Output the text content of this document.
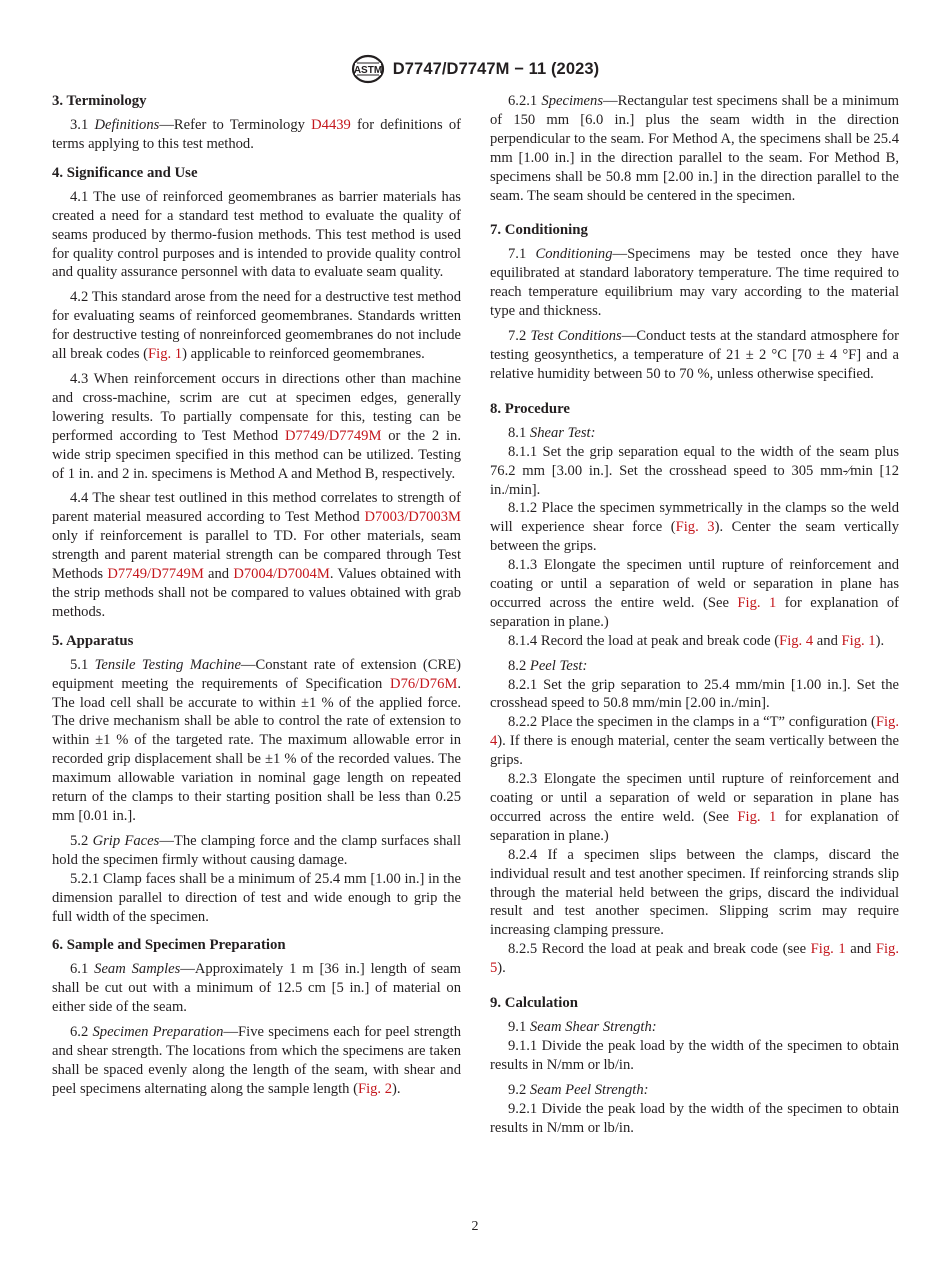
ASTM D7747/D7747M − 11 (2023)
3. Terminology

3.1 Definitions—Refer to Terminology D4439 for definitions of terms applying to this test method.

4. Significance and Use

4.1 The use of reinforced geomembranes as barrier materials has created a need for a standard test method to evaluate the quality of seams produced by thermo-fusion methods. This test method is used for quality control purposes and is intended to provide quality control and quality assurance personnel with data to evaluate seam quality.

4.2 This standard arose from the need for a destructive test method for evaluating seams of reinforced geomembranes. Standards written for destructive testing of nonreinforced geomembranes do not include all break codes (Fig. 1) applicable to reinforced geomembranes.

4.3 When reinforcement occurs in directions other than machine and cross-machine, scrim are cut at specimen edges, generally lowering results. To partially compensate for this, testing can be performed according to Test Method D7749/D7749M or the 2 in. wide strip specimen specified in this method can be utilized. Testing of 1 in. and 2 in. specimens is Method A and Method B, respectively.

4.4 The shear test outlined in this method correlates to strength of parent material measured according to Test Method D7003/D7003M only if reinforcement is parallel to TD. For other materials, seam strength and parent material strength can be compared through Test Methods D7749/D7749M and D7004/D7004M. Values obtained with the strip methods shall not be compared to values obtained with grab methods.

5. Apparatus

5.1 Tensile Testing Machine—Constant rate of extension (CRE) equipment meeting the requirements of Specification D76/D76M. The load cell shall be accurate to within ±1 % of the applied force. The drive mechanism shall be able to control the rate of extension to within ±1 % of the targeted rate. The maximum allowable error in recorded grip displacement shall be ±1 % of the recorded values. The maximum allowable variation in nominal gage length on repeated return of the clamps to their starting position shall be less than 0.25 mm [0.01 in.].

5.2 Grip Faces—The clamping force and the clamp surfaces shall hold the specimen firmly without causing damage.

5.2.1 Clamp faces shall be a minimum of 25.4 mm [1.00 in.] in the dimension parallel to direction of test and wide enough to grip the full width of the specimen.

6. Sample and Specimen Preparation

6.1 Seam Samples—Approximately 1 m [36 in.] length of seam shall be cut out with a minimum of 12.5 cm [5 in.] of material on either side of the seam.

6.2 Specimen Preparation—Five specimens each for peel strength and shear strength. The locations from which the specimens are taken shall be spaced evenly along the length of the seam, with shear and peel specimens alternating along the sample length (Fig. 2).

6.2.1 Specimens—Rectangular test specimens shall be a minimum of 150 mm [6.0 in.] plus the seam width in the direction perpendicular to the seam. For Method A, the specimens shall be 25.4 mm [1.00 in.] in the direction parallel to the seam. For Method B, specimens shall be 50.8 mm [2.00 in.] in the direction parallel to the seam. The seam should be centered in the specimen.

7. Conditioning

7.1 Conditioning—Specimens may be tested once they have equilibrated at standard laboratory temperature. The time required to reach temperature equilibrium may vary according to the material type and thickness.

7.2 Test Conditions—Conduct tests at the standard atmosphere for testing geosynthetics, a temperature of 21 ± 2 °C [70 ± 4 °F] and a relative humidity between 50 to 70 %, unless otherwise specified.

8. Procedure

8.1 Shear Test:

8.1.1 Set the grip separation equal to the width of the seam plus 76.2 mm [3.00 in.]. Set the crosshead speed to 305 mm-⁄min [12 in./min].

8.1.2 Place the specimen symmetrically in the clamps so the weld will experience shear force (Fig. 3). Center the seam vertically between the grips.

8.1.3 Elongate the specimen until rupture of reinforcement and coating or until a separation of weld or separation in plane has occurred across the entire weld. (See Fig. 1 for explanation of separation in plane.)

8.1.4 Record the load at peak and break code (Fig. 4 and Fig. 1).

8.2 Peel Test:

8.2.1 Set the grip separation to 25.4 mm/min [1.00 in.]. Set the crosshead speed to 50.8 mm/min [2.00 in./min].

8.2.2 Place the specimen in the clamps in a “T” configuration (Fig. 4). If there is enough material, center the seam vertically between the grips.

8.2.3 Elongate the specimen until rupture of reinforcement and coating or until a separation of weld or separation in plane has occurred across the entire weld. (See Fig. 1 for explanation of separation in plane.)

8.2.4 If a specimen slips between the clamps, discard the individual result and test another specimen. If reinforcing strands slip through the material held between the grips, discard the individual result and test another specimen. Slipping scrim may require increasing clamping pressure.

8.2.5 Record the load at peak and break code (see Fig. 1 and Fig. 5).

9. Calculation

9.1 Seam Shear Strength:

9.1.1 Divide the peak load by the width of the specimen to obtain results in N/mm or lb/in.

9.2 Seam Peel Strength:

9.2.1 Divide the peak load by the width of the specimen to obtain results in N/mm or lb/in.

2
